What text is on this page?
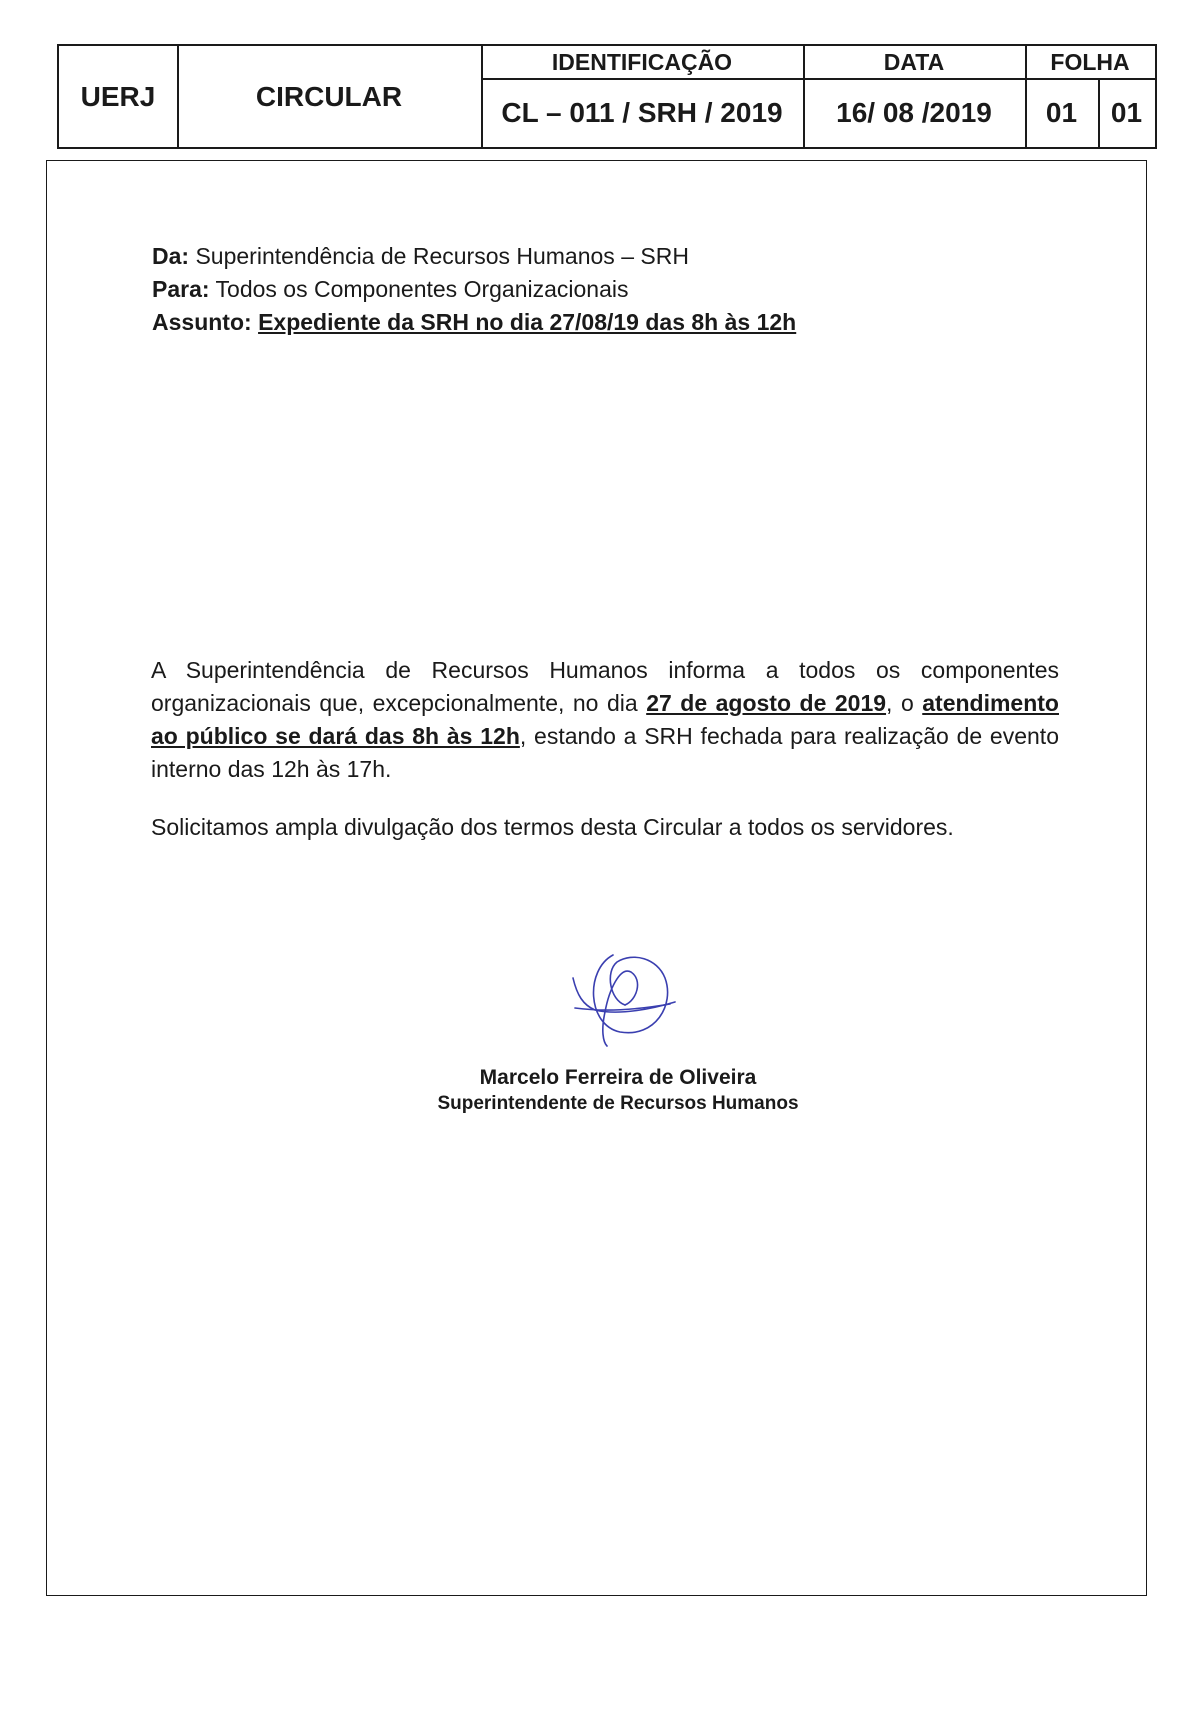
UERJ	CIRCULAR
IDENTIFICAÇÃO
CL – 011 / SRH / 2019
DATA
16/ 08 /2019
FOLHA
01	01
Da: Superintendência de Recursos Humanos – SRH
Para: Todos os Componentes Organizacionais
Assunto: Expediente da SRH no dia 27/08/19 das 8h às 12h

A Superintendência de Recursos Humanos informa a todos os componentes organizacionais que, excepcionalmente, no dia 27 de agosto de 2019, o atendimento ao público se dará das 8h às 12h, estando a SRH fechada para realização de evento interno das 12h às 17h.

Solicitamos ampla divulgação dos termos desta Circular a todos os servidores.

Marcelo Ferreira de Oliveira
Superintendente de Recursos Humanos
